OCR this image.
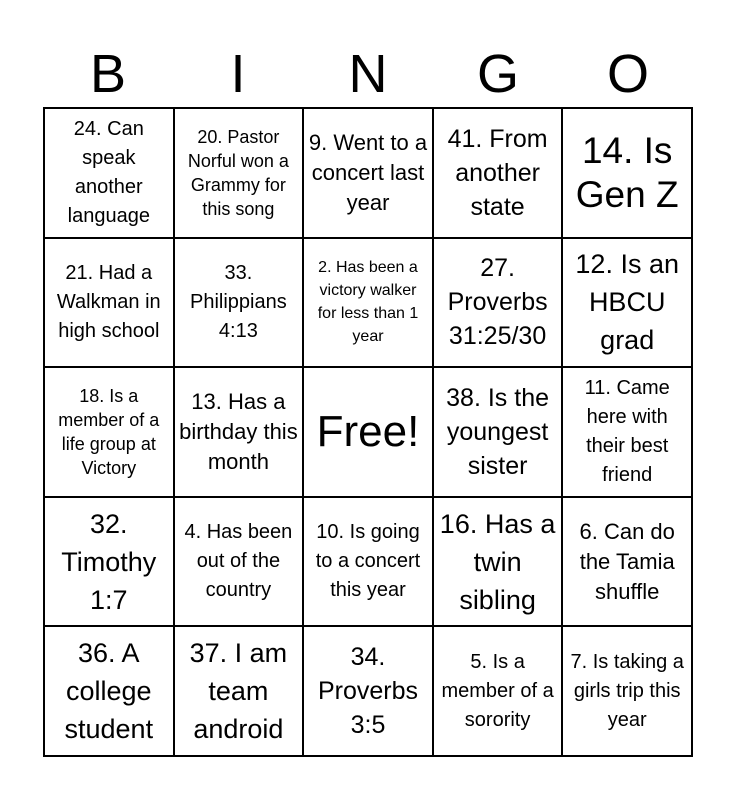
B	I	N	G	O
24. Can speak another language
20. Pastor Norful won a Grammy for this song
9. Went to a concert last year
41. From another state
14. Is Gen Z
21. Had a Walkman in high school
33. Philippians 4:13
2. Has been a victory walker for less than 1 year
27. Proverbs 31:25/30
12. Is an HBCU grad
18. Is a member of a life group at Victory
13. Has a birthday this month
Free!
38. Is the youngest sister
11. Came here with their best friend
32. Timothy 1:7
4. Has been out of the country
10. Is going to a concert this year
16. Has a twin sibling
6. Can do the Tamia shuffle
36. A college student
37. I am team android
34. Proverbs 3:5
5. Is a member of a sorority
7. Is taking a girls trip this year
